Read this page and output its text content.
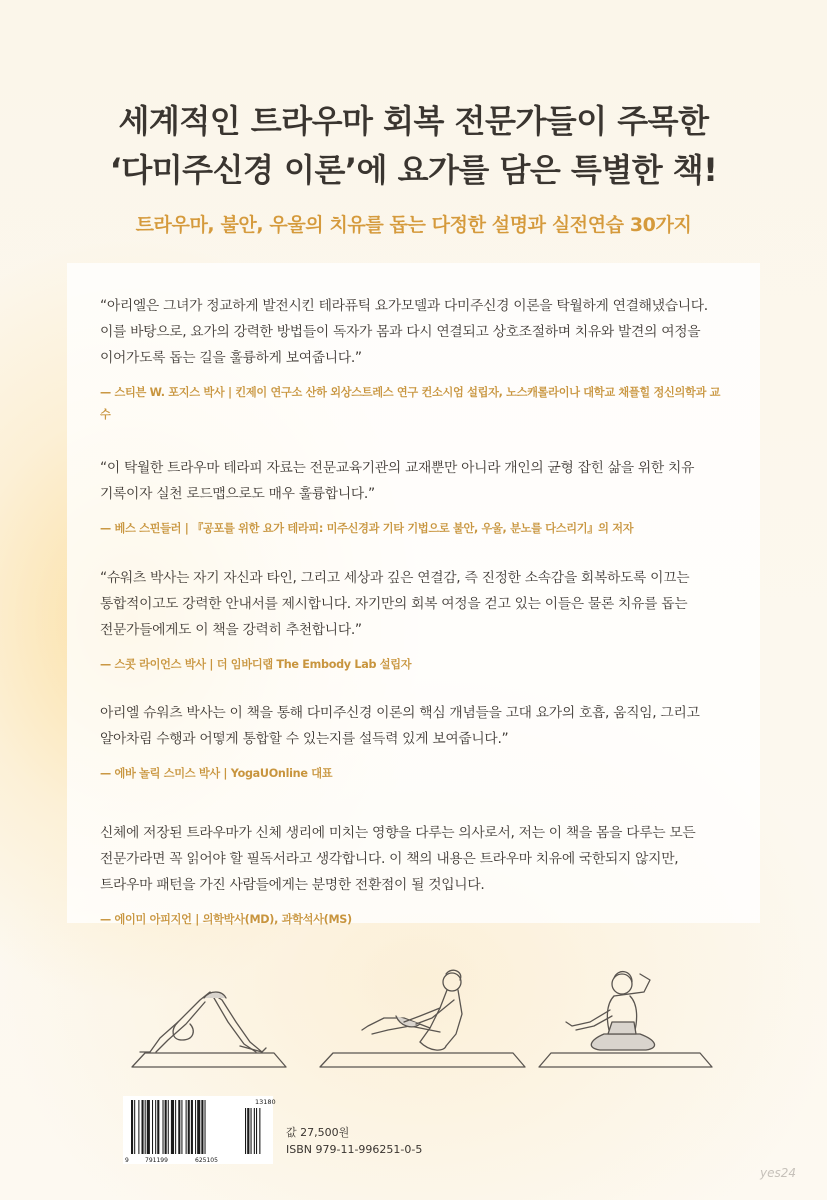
세계적인 트라우마 회복 전문가들이 주목한
‘다미주신경 이론’에 요가를 담은 특별한 책!

트라우마, 불안, 우울의 치유를 돕는 다정한 설명과 실전연습 30가지

“아리엘은 그녀가 정교하게 발전시킨 테라퓨틱 요가모델과 다미주신경 이론을 탁월하게 연결해냈습니다. 이를 바탕으로, 요가의 강력한 방법들이 독자가 몸과 다시 연결되고 상호조절하며 치유와 발견의 여정을 이어가도록 돕는 길을 훌륭하게 보여줍니다.”

— 스티븐 W. 포지스 박사 | 킨제이 연구소 산하 외상스트레스 연구 컨소시엄 설립자, 노스캐롤라이나 대학교 채플힐 정신의학과 교수

“이 탁월한 트라우마 테라피 자료는 전문교육기관의 교재뿐만 아니라 개인의 균형 잡힌 삶을 위한 치유 기록이자 실천 로드맵으로도 매우 훌륭합니다.”

— 베스 스핀들러 | 『공포를 위한 요가 테라피: 미주신경과 기타 기법으로 불안, 우울, 분노를 다스리기』의 저자

“슈워츠 박사는 자기 자신과 타인, 그리고 세상과 깊은 연결감, 즉 진정한 소속감을 회복하도록 이끄는 통합적이고도 강력한 안내서를 제시합니다. 자기만의 회복 여정을 걷고 있는 이들은 물론 치유를 돕는 전문가들에게도 이 책을 강력히 추천합니다.”

— 스콧 라이언스 박사 | 더 임바디랩 The Embody Lab 설립자

아리엘 슈워츠 박사는 이 책을 통해 다미주신경 이론의 핵심 개념들을 고대 요가의 호흡, 움직임, 그리고 알아차림 수행과 어떻게 통합할 수 있는지를 설득력 있게 보여줍니다.”

— 에바 놀릭 스미스 박사 | YogaUOnline 대표

신체에 저장된 트라우마가 신체 생리에 미치는 영향을 다루는 의사로서, 저는 이 책을 몸을 다루는 모든 전문가라면 꼭 읽어야 할 필독서라고 생각합니다. 이 책의 내용은 트라우마 치유에 국한되지 않지만, 트라우마 패턴을 가진 사람들에게는 분명한 전환점이 될 것입니다.

— 에이미 아피지언 | 의학박사(MD), 과학석사(MS)

13180
9	791199	625105
값 27,500원
ISBN 979-11-996251-0-5
yes24
